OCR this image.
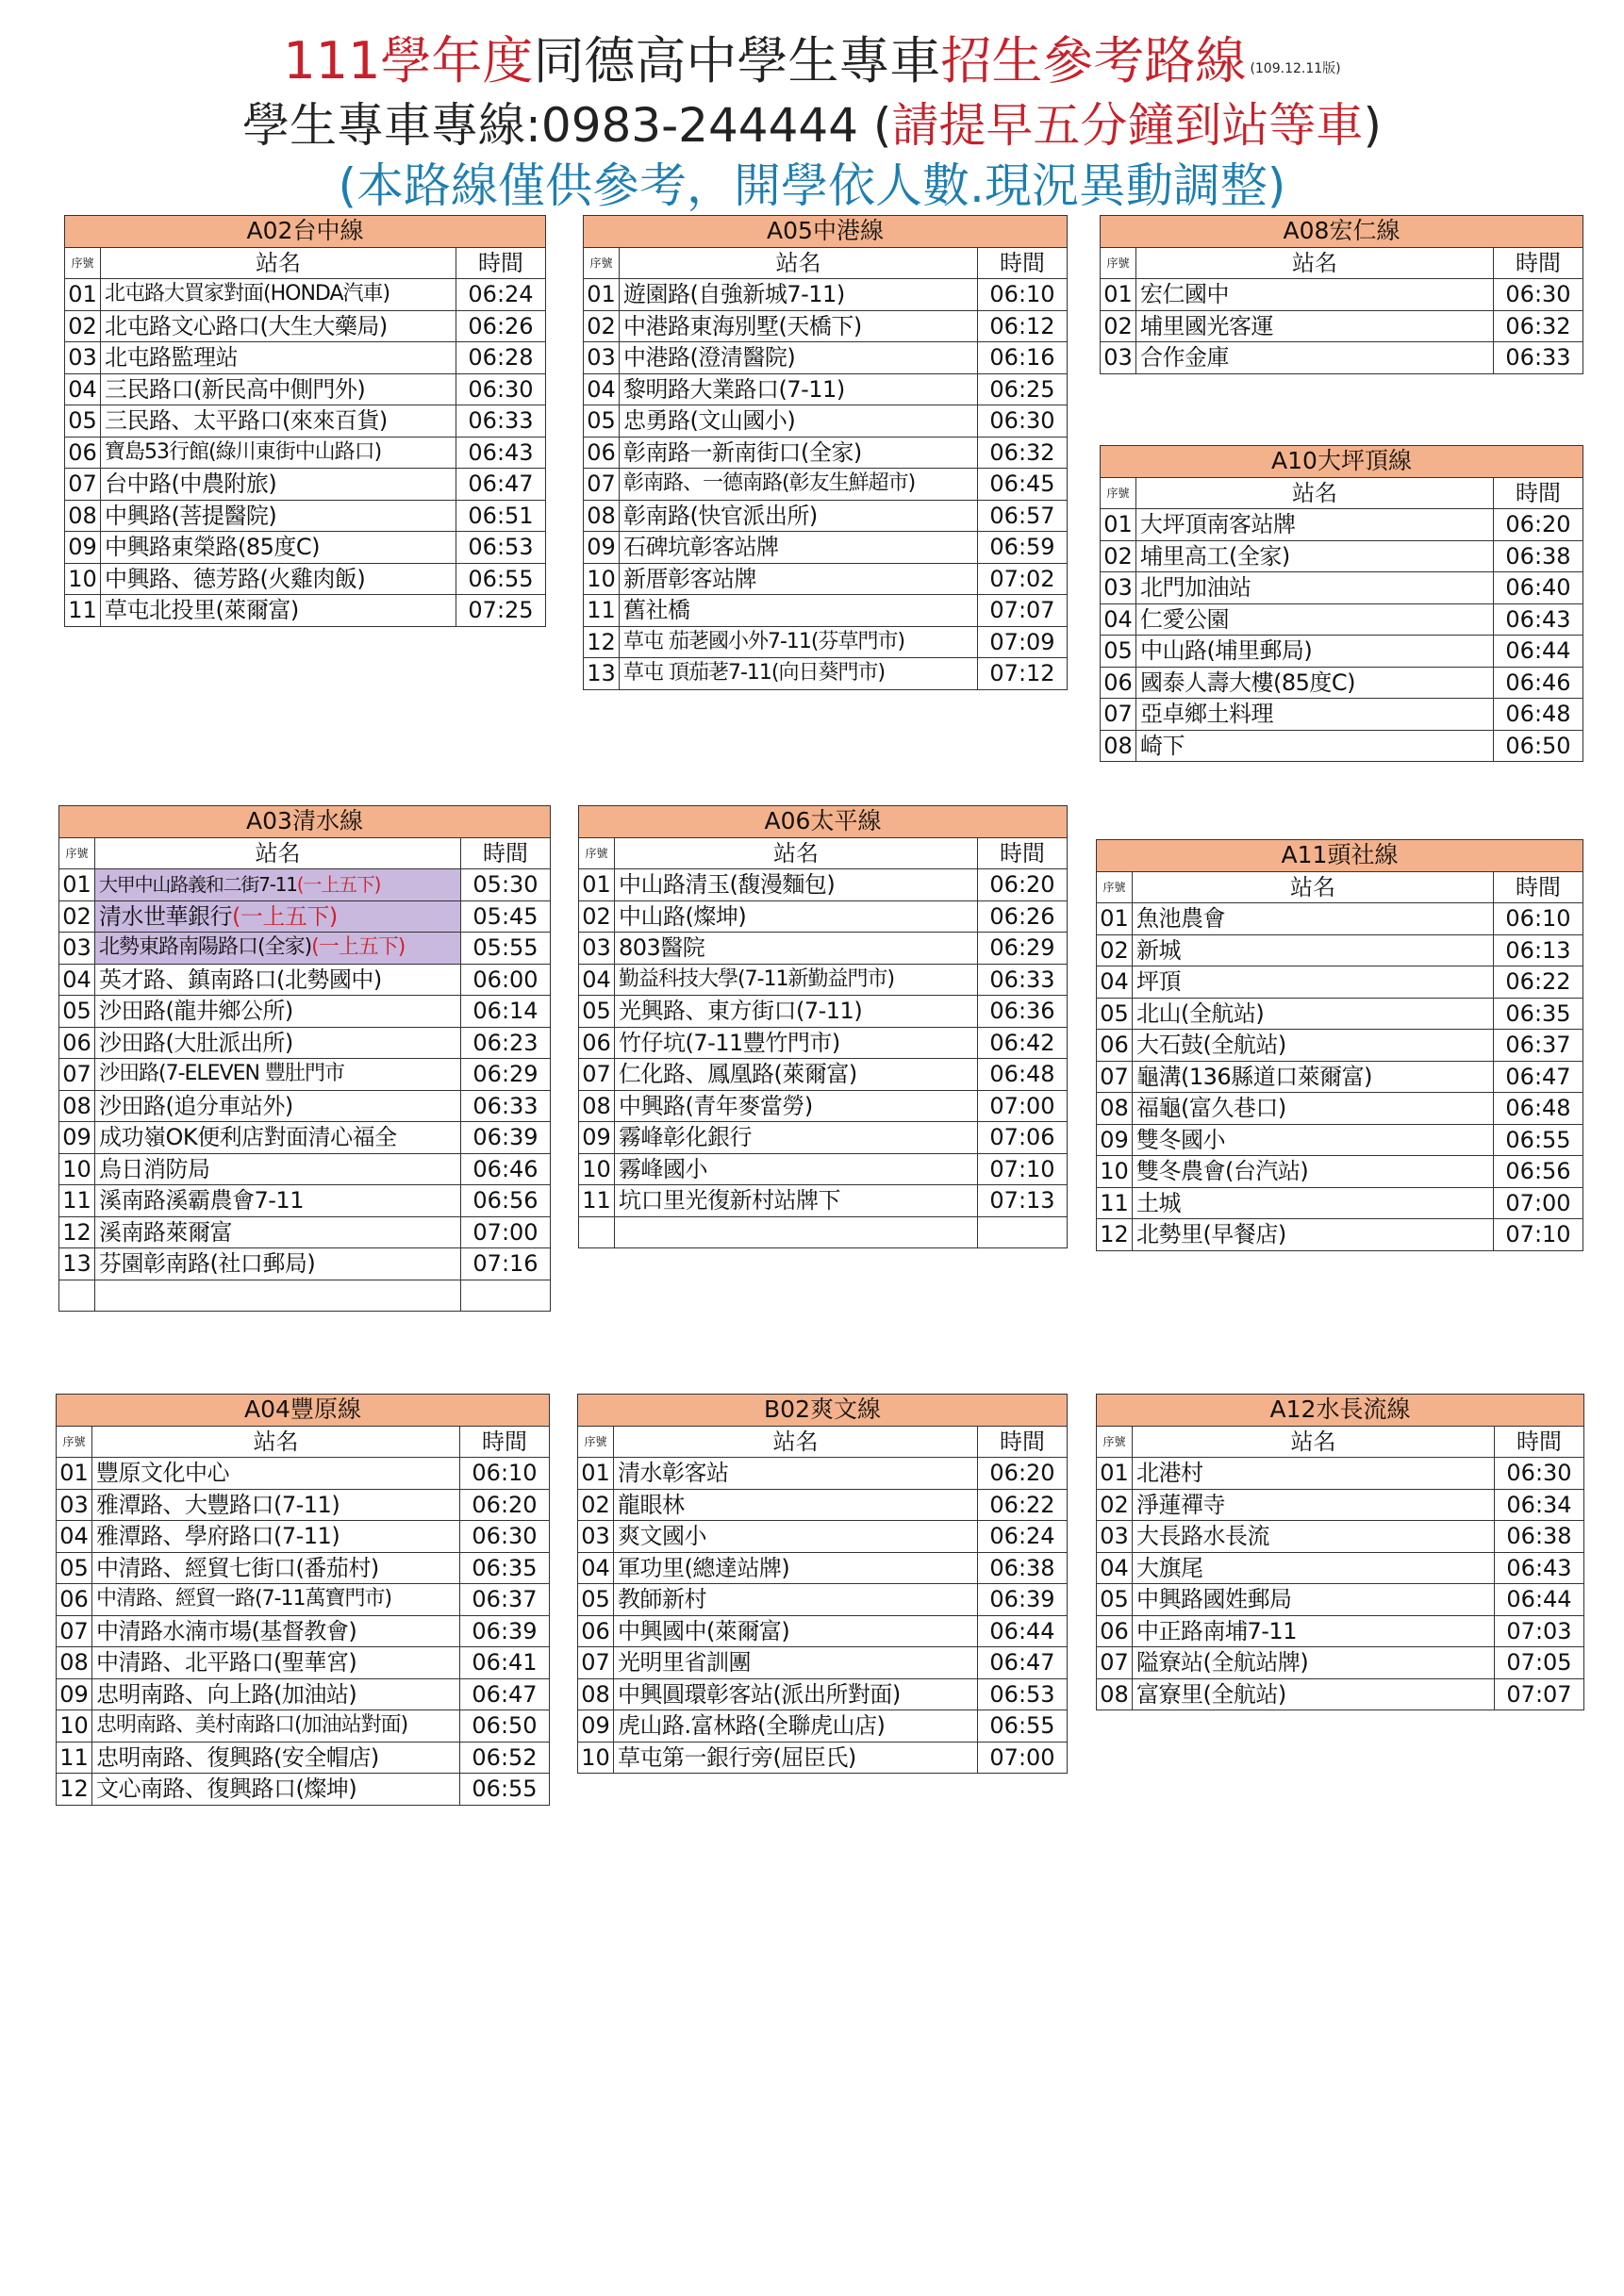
111學年度同德高中學生專車招生參考路線 (109.12.11版)
學生專車專線:0983-244444 (請提早五分鐘到站等車)
(本路線僅供參考，開學依人數.現況異動調整)
A02台中線		
序號	站名	時間
01	北屯路大買家對面(HONDA汽車)	06:24
02	北屯路文心路口(大生大藥局)	06:26
03	北屯路監理站	06:28
04	三民路口(新民高中側門外)	06:30
05	三民路、太平路口(來來百貨)	06:33
06	寶島53行館(綠川東街中山路口)	06:43
07	台中路(中農附旅)	06:47
08	中興路(菩提醫院)	06:51
09	中興路東榮路(85度C)	06:53
10	中興路、德芳路(火雞肉飯)	06:55
11	草屯北投里(萊爾富)	07:25
A05中港線		
序號	站名	時間
01	遊園路(自強新城7-11)	06:10
02	中港路東海別墅(天橋下)	06:12
03	中港路(澄清醫院)	06:16
04	黎明路大業路口(7-11)	06:25
05	忠勇路(文山國小)	06:30
06	彰南路一新南街口(全家)	06:32
07	彰南路、一德南路(彰友生鮮超市)	06:45
08	彰南路(快官派出所)	06:57
09	石碑坑彰客站牌	06:59
10	新厝彰客站牌	07:02
11	舊社橋	07:07
12	草屯 茄荖國小外7-11(芬草門市)	07:09
13	草屯 頂茄荖7-11(向日葵門市)	07:12
A08宏仁線		
序號	站名	時間
01	宏仁國中	06:30
02	埔里國光客運	06:32
03	合作金庫	06:33
A10大坪頂線		
序號	站名	時間
01	大坪頂南客站牌	06:20
02	埔里高工(全家)	06:38
03	北門加油站	06:40
04	仁愛公園	06:43
05	中山路(埔里郵局)	06:44
06	國泰人壽大樓(85度C)	06:46
07	亞卓鄉土料理	06:48
08	崎下	06:50
A03清水線		
序號	站名	時間
01	大甲中山路義和二街7-11(一上五下)	05:30
02	清水世華銀行(一上五下)	05:45
03	北勢東路南陽路口(全家)(一上五下)	05:55
04	英才路、鎮南路口(北勢國中)	06:00
05	沙田路(龍井鄉公所)	06:14
06	沙田路(大肚派出所)	06:23
07	沙田路(7-ELEVEN 豐肚門市	06:29
08	沙田路(追分車站外)	06:33
09	成功嶺OK便利店對面清心福全	06:39
10	烏日消防局	06:46
11	溪南路溪霸農會7-11	06:56
12	溪南路萊爾富	07:00
13	芬園彰南路(社口郵局)	07:16

A06太平線		
序號	站名	時間
01	中山路清玉(馥漫麵包)	06:20
02	中山路(燦坤)	06:26
03	803醫院	06:29
04	勤益科技大學(7-11新勤益門市)	06:33
05	光興路、東方街口(7-11)	06:36
06	竹仔坑(7-11豐竹門市)	06:42
07	仁化路、鳳凰路(萊爾富)	06:48
08	中興路(青年麥當勞)	07:00
09	霧峰彰化銀行	07:06
10	霧峰國小	07:10
11	坑口里光復新村站牌下	07:13

A11頭社線		
序號	站名	時間
01	魚池農會	06:10
02	新城	06:13
04	坪頂	06:22
05	北山(全航站)	06:35
06	大石鼓(全航站)	06:37
07	龜溝(136縣道口萊爾富)	06:47
08	福龜(富久巷口)	06:48
09	雙冬國小	06:55
10	雙冬農會(台汽站)	06:56
11	土城	07:00
12	北勢里(早餐店)	07:10
A04豐原線		
序號	站名	時間
01	豐原文化中心	06:10
03	雅潭路、大豐路口(7-11)	06:20
04	雅潭路、學府路口(7-11)	06:30
05	中清路、經貿七街口(番茄村)	06:35
06	中清路、經貿一路(7-11萬寶門市)	06:37
07	中清路水湳市場(基督教會)	06:39
08	中清路、北平路口(聖華宮)	06:41
09	忠明南路、向上路(加油站)	06:47
10	忠明南路、美村南路口(加油站對面)	06:50
11	忠明南路、復興路(安全帽店)	06:52
12	文心南路、復興路口(燦坤)	06:55
B02爽文線		
序號	站名	時間
01	清水彰客站	06:20
02	龍眼林	06:22
03	爽文國小	06:24
04	軍功里(總達站牌)	06:38
05	教師新村	06:39
06	中興國中(萊爾富)	06:44
07	光明里省訓團	06:47
08	中興圓環彰客站(派出所對面)	06:53
09	虎山路.富林路(全聯虎山店)	06:55
10	草屯第一銀行旁(屈臣氏)	07:00
A12水長流線		
序號	站名	時間
01	北港村	06:30
02	淨蓮禪寺	06:34
03	大長路水長流	06:38
04	大旗尾	06:43
05	中興路國姓郵局	06:44
06	中正路南埔7-11	07:03
07	隘寮站(全航站牌)	07:05
08	富寮里(全航站)	07:07
